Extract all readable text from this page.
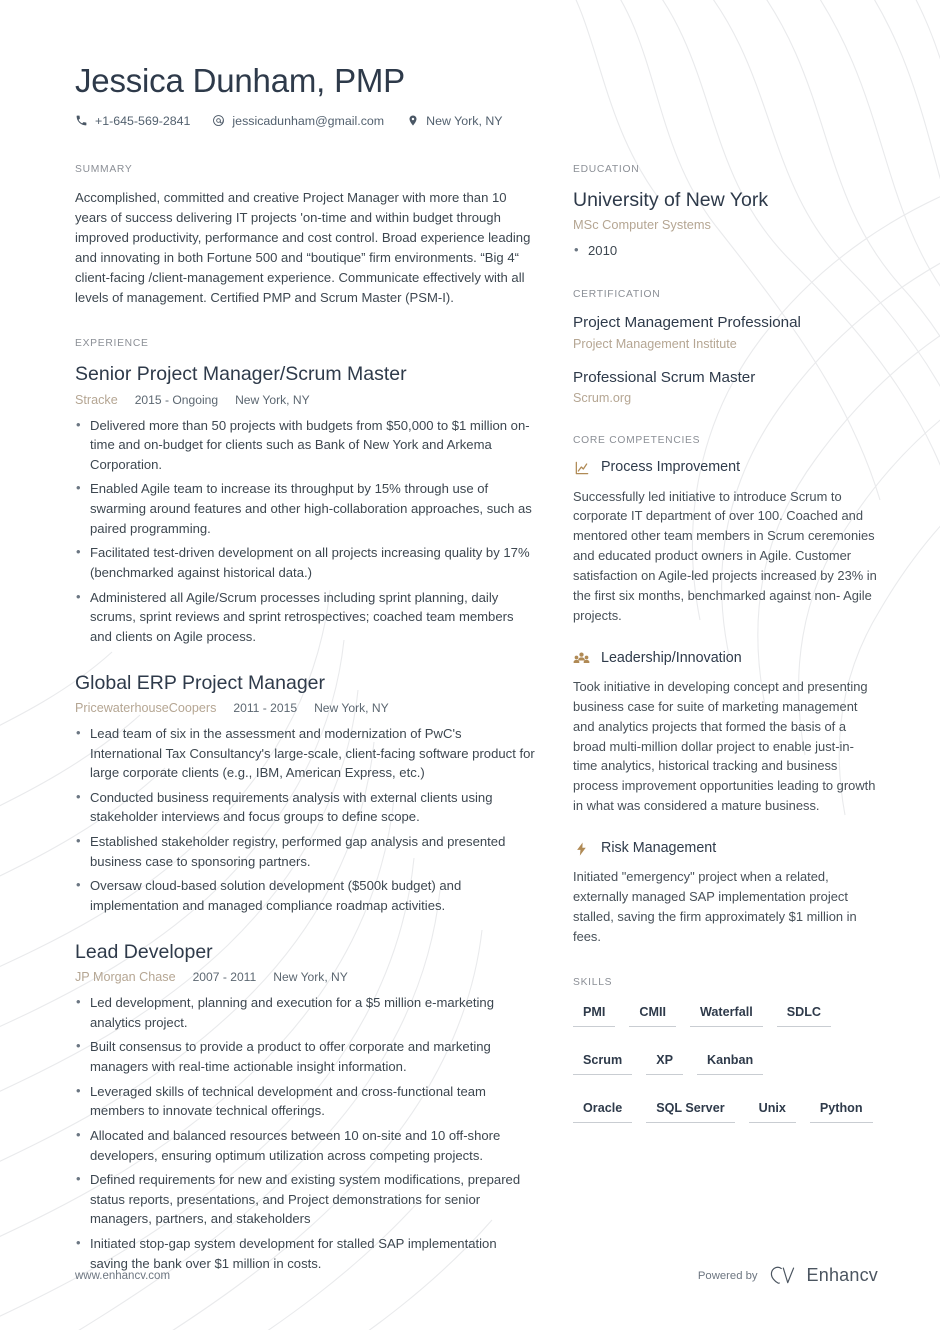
Jessica Dunham, PMP
+1-645-569-2841	jessicadunham@gmail.com	New York, NY
SUMMARY

Accomplished, committed and creative Project Manager with more than 10 years of success delivering IT projects 'on-time and within budget through improved productivity, performance and cost control. Broad experience leading and innovating in both Fortune 500 and “boutique” firm environments. “Big 4“ client-facing /client-management experience. Communicate effectively with all levels of management. Certified PMP and Scrum Master (PSM-I).

EXPERIENCE
Senior Project Manager/Scrum Master
Stracke 2015 - Ongoing New York, NY
• Delivered more than 50 projects with budgets from $50,000 to $1 million on-time and on-budget for clients such as Bank of New York and Arkema Corporation.
• Enabled Agile team to increase its throughput by 15% through use of swarming around features and other high-collaboration approaches, such as paired programming.
• Facilitated test-driven development on all projects increasing quality by 17% (benchmarked against historical data.)
• Administered all Agile/Scrum processes including sprint planning, daily scrums, sprint reviews and sprint retrospectives; coached team members and clients on Agile process.
Global ERP Project Manager
PricewaterhouseCoopers 2011 - 2015 New York, NY
• Lead team of six in the assessment and modernization of PwC's International Tax Consultancy's large-scale, client-facing software product for large corporate clients (e.g., IBM, American Express, etc.)
• Conducted business requirements analysis with external clients using stakeholder interviews and focus groups to define scope.
• Established stakeholder registry, performed gap analysis and presented business case to sponsoring partners.
• Oversaw cloud-based solution development ($500k budget) and implementation and managed compliance roadmap activities.
Lead Developer
JP Morgan Chase 2007 - 2011 New York, NY
• Led development, planning and execution for a $5 million e-marketing analytics project.
• Built consensus to provide a product to offer corporate and marketing managers with real-time actionable insight information.
• Leveraged skills of technical development and cross-functional team members to innovate technical offerings.
• Allocated and balanced resources between 10 on-site and 10 off-shore developers, ensuring optimum utilization across competing projects.
• Defined requirements for new and existing system modifications, prepared status reports, presentations, and Project demonstrations for senior managers, partners, and stakeholders
• Initiated stop-gap system development for stalled SAP implementation saving the bank over $1 million in costs.
EDUCATION
University of New York
MSc Computer Systems
• 2010
CERTIFICATION
Project Management Professional
Project Management Institute
Professional Scrum Master
Scrum.org
CORE COMPETENCIES
Process Improvement

Successfully led initiative to introduce Scrum to corporate IT department of over 100. Coached and mentored other team members in Scrum ceremonies and educated product owners in Agile. Customer satisfaction on Agile-led projects increased by 23% in the first six months, benchmarked against non- Agile projects.

Leadership/Innovation

Took initiative in developing concept and presenting business case for suite of marketing management and analytics projects that formed the basis of a broad multi-million dollar project to enable just-in-time analytics, historical tracking and business process improvement opportunities leading to growth in what was considered a mature business.

Risk Management

Initiated "emergency" project when a related, externally managed SAP implementation project stalled, saving the firm approximately $1 million in fees.

SKILLS
PMI	CMII	Waterfall	SDLC
Scrum	XP	Kanban
Oracle	SQL Server	Unix	Python
www.enhancv.com	Powered by	Enhancv
